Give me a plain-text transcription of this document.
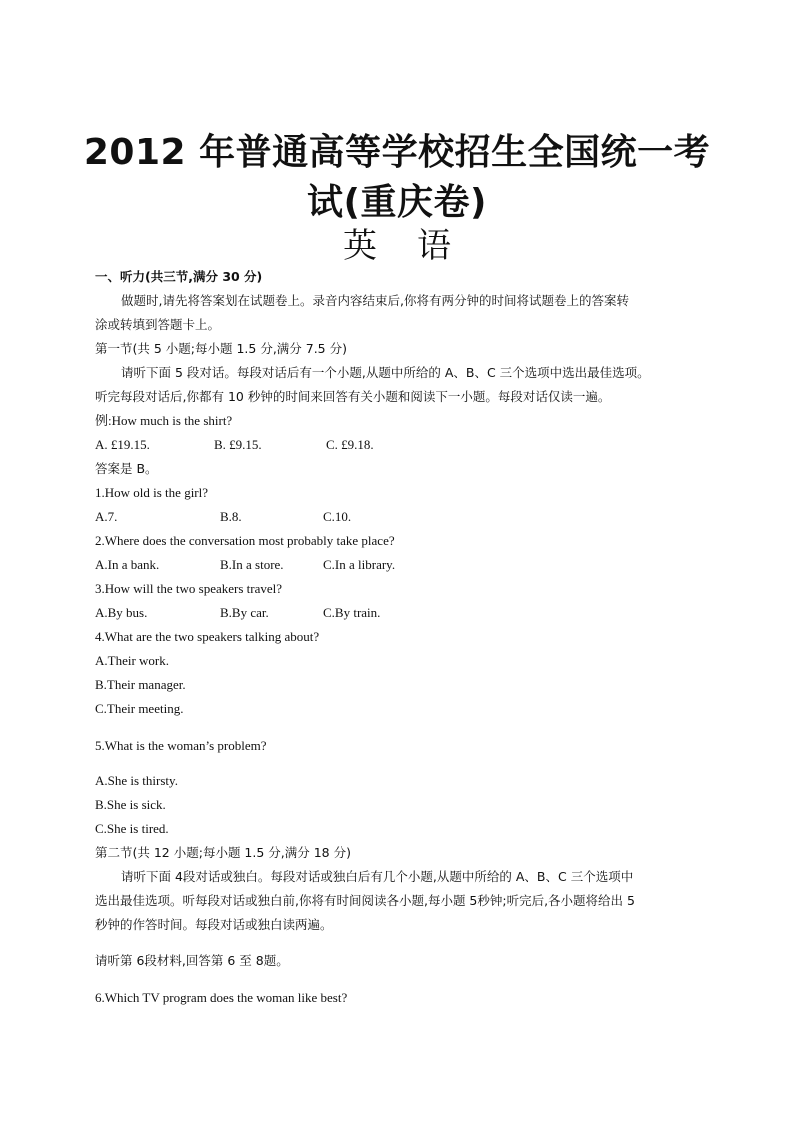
2012 年普通高等学校招生全国统一考
试(重庆卷)
英语
一、听力(共三节,满分 30 分)
做题时,请先将答案划在试题卷上。录音内容结束后,你将有两分钟的时间将试题卷上的答案转
涂或转填到答题卡上。
第一节(共 5 小题;每小题 1.5 分,满分 7.5 分)
请听下面 5 段对话。每段对话后有一个小题,从题中所给的 A、B、C 三个选项中选出最佳选项。
听完每段对话后,你都有 10 秒钟的时间来回答有关小题和阅读下一小题。每段对话仅读一遍。
例:How much is the shirt?
A. £19.15.	B. £9.15.	C. £9.18.
答案是 B。
1.How old is the girl?
A.7.	B.8.	C.10.
2.Where does the conversation most probably take place?
A.In a bank.	B.In a store.	C.In a library.
3.How will the two speakers travel?
A.By bus.	B.By car.	C.By train.
4.What are the two speakers talking about?
A.Their work.
B.Their manager.
C.Their meeting.
5.What is the woman’s problem?
A.She is thirsty.
B.She is sick.
C.She is tired.
第二节(共 12 小题;每小题 1.5 分,满分 18 分)
请听下面 4段对话或独白。每段对话或独白后有几个小题,从题中所给的 A、B、C 三个选项中
选出最佳选项。听每段对话或独白前,你将有时间阅读各小题,每小题 5秒钟;听完后,各小题将给出 5
秒钟的作答时间。每段对话或独白读两遍。
请听第 6段材料,回答第 6 至 8题。
6.Which TV program does the woman like best?
